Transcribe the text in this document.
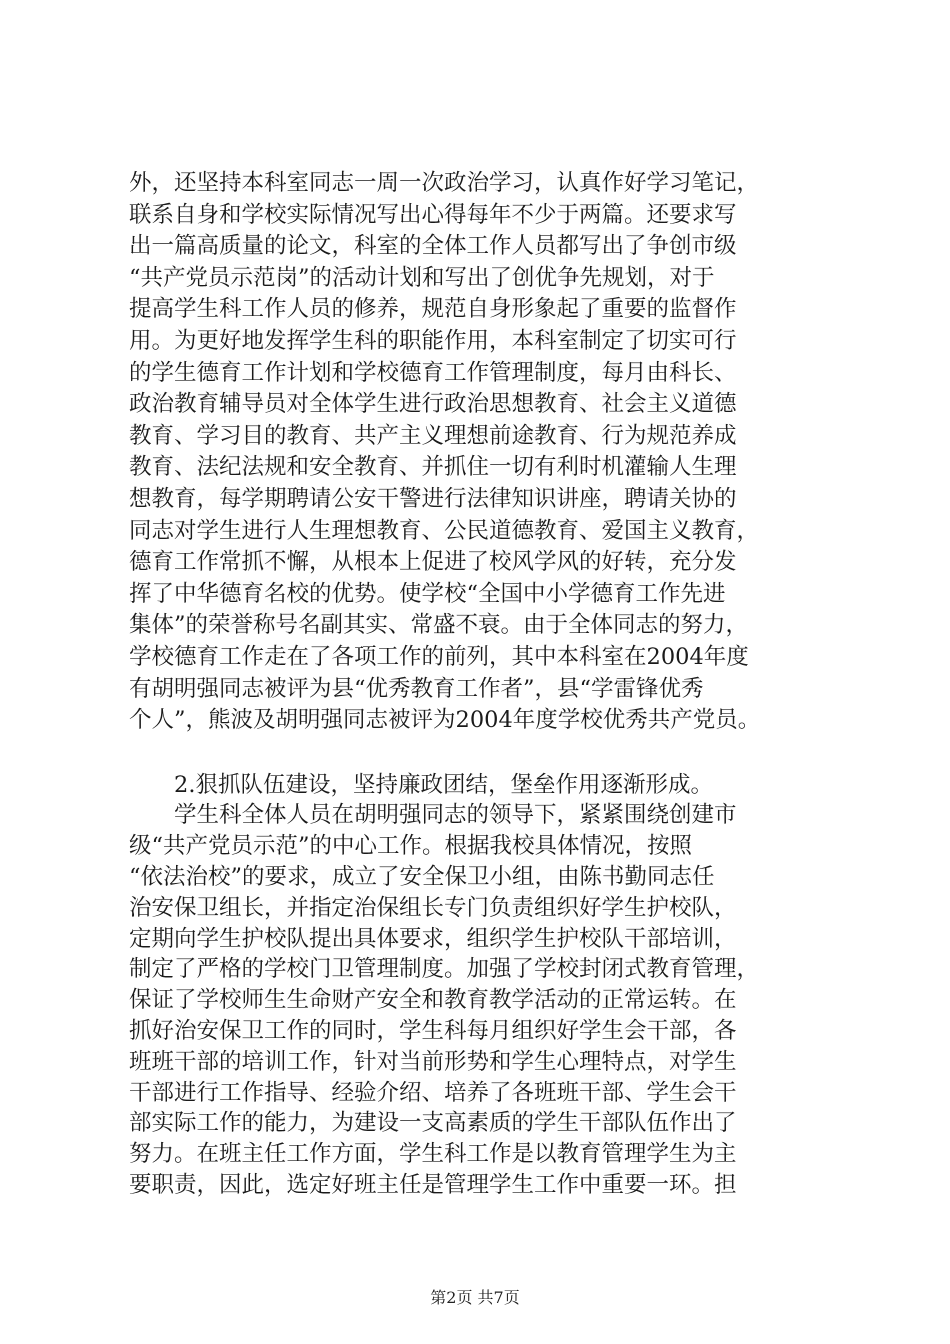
外，还坚持本科室同志一周一次政治学习，认真作好学习笔记，
联系自身和学校实际情况写出心得每年不少于两篇。还要求写
出一篇高质量的论文，科室的全体工作人员都写出了争创市级
“共产党员示范岗”的活动计划和写出了创优争先规划，对于
提高学生科工作人员的修养，规范自身形象起了重要的监督作
用。为更好地发挥学生科的职能作用，本科室制定了切实可行
的学生德育工作计划和学校德育工作管理制度，每月由科长、
政治教育辅导员对全体学生进行政治思想教育、社会主义道德
教育、学习目的教育、共产主义理想前途教育、行为规范养成
教育、法纪法规和安全教育、并抓住一切有利时机灌输人生理
想教育，每学期聘请公安干警进行法律知识讲座，聘请关协的
同志对学生进行人生理想教育、公民道德教育、爱国主义教育，
德育工作常抓不懈，从根本上促进了校风学风的好转，充分发
挥了中华德育名校的优势。使学校“全国中小学德育工作先进
集体”的荣誉称号名副其实、常盛不衰。由于全体同志的努力，
学校德育工作走在了各项工作的前列，其中本科室在2004年度
有胡明强同志被评为县“优秀教育工作者”，县“学雷锋优秀
个人”，熊波及胡明强同志被评为2004年度学校优秀共产党员。
　　2.狠抓队伍建设，坚持廉政团结，堡垒作用逐渐形成。
　　学生科全体人员在胡明强同志的领导下，紧紧围绕创建市
级“共产党员示范”的中心工作。根据我校具体情况，按照
“依法治校”的要求，成立了安全保卫小组，由陈书勤同志任
治安保卫组长，并指定治保组长专门负责组织好学生护校队，
定期向学生护校队提出具体要求，组织学生护校队干部培训，
制定了严格的学校门卫管理制度。加强了学校封闭式教育管理，
保证了学校师生生命财产安全和教育教学活动的正常运转。在
抓好治安保卫工作的同时，学生科每月组织好学生会干部，各
班班干部的培训工作，针对当前形势和学生心理特点，对学生
干部进行工作指导、经验介绍、培养了各班班干部、学生会干
部实际工作的能力，为建设一支高素质的学生干部队伍作出了
努力。在班主任工作方面，学生科工作是以教育管理学生为主
要职责，因此，选定好班主任是管理学生工作中重要一环。担
第2页 共7页
